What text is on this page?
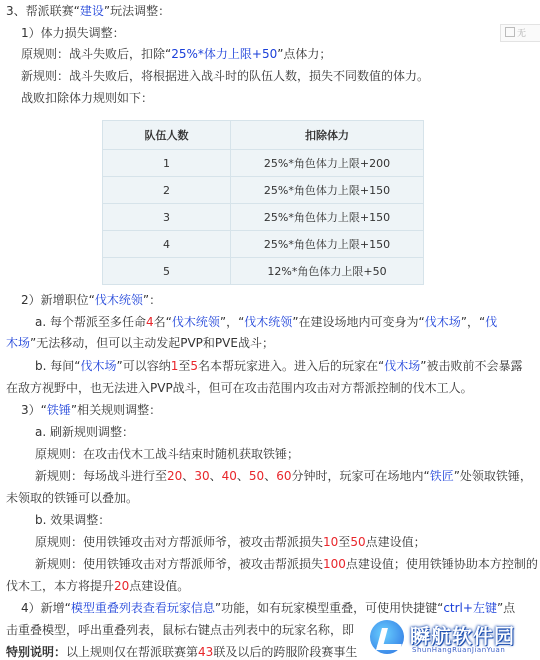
3、帮派联赛“建设”玩法调整：
无
1）体力损失调整：
原规则：战斗失败后，扣除“25%*体力上限+50”点体力；
新规则：战斗失败后，将根据进入战斗时的队伍人数，损失不同数值的体力。
战败扣除体力规则如下：
队伍人数	扣除体力
1	25%*角色体力上限+200
2	25%*角色体力上限+150
3	25%*角色体力上限+150
4	25%*角色体力上限+150
5	12%*角色体力上限+50
2）新增职位“伐木统领”：
a. 每个帮派至多任命4名“伐木统领”，“伐木统领”在建设场地内可变身为“伐木场”，“伐
木场”无法移动，但可以主动发起PVP和PVE战斗；
b. 每间“伐木场”可以容纳1至5名本帮玩家进入。进入后的玩家在“伐木场”被击败前不会暴露
在敌方视野中，也无法进入PVP战斗，但可在攻击范围内攻击对方帮派控制的伐木工人。
3）“铁锤”相关规则调整：
a. 刷新规则调整：
原规则：在攻击伐木工战斗结束时随机获取铁锤；
新规则：每场战斗进行至20、30、40、50、60分钟时，玩家可在场地内“铁匠”处领取铁锤，
未领取的铁锤可以叠加。
b. 效果调整：
原规则：使用铁锤攻击对方帮派师爷，被攻击帮派损失10至50点建设值；
新规则：使用铁锤攻击对方帮派师爷，被攻击帮派损失100点建设值；使用铁锤协助本方控制的
伐木工，本方将提升20点建设值。
4）新增“模型重叠列表查看玩家信息”功能，如有玩家模型重叠，可使用快捷键“ctrl+左键”点
击重叠模型，呼出重叠列表，鼠标右键点击列表中的玩家名称，即
特别说明：以上规则仅在帮派联赛第43联及以后的跨服阶段赛事生
瞬航软件园
ShunHangRuanJianYuan
